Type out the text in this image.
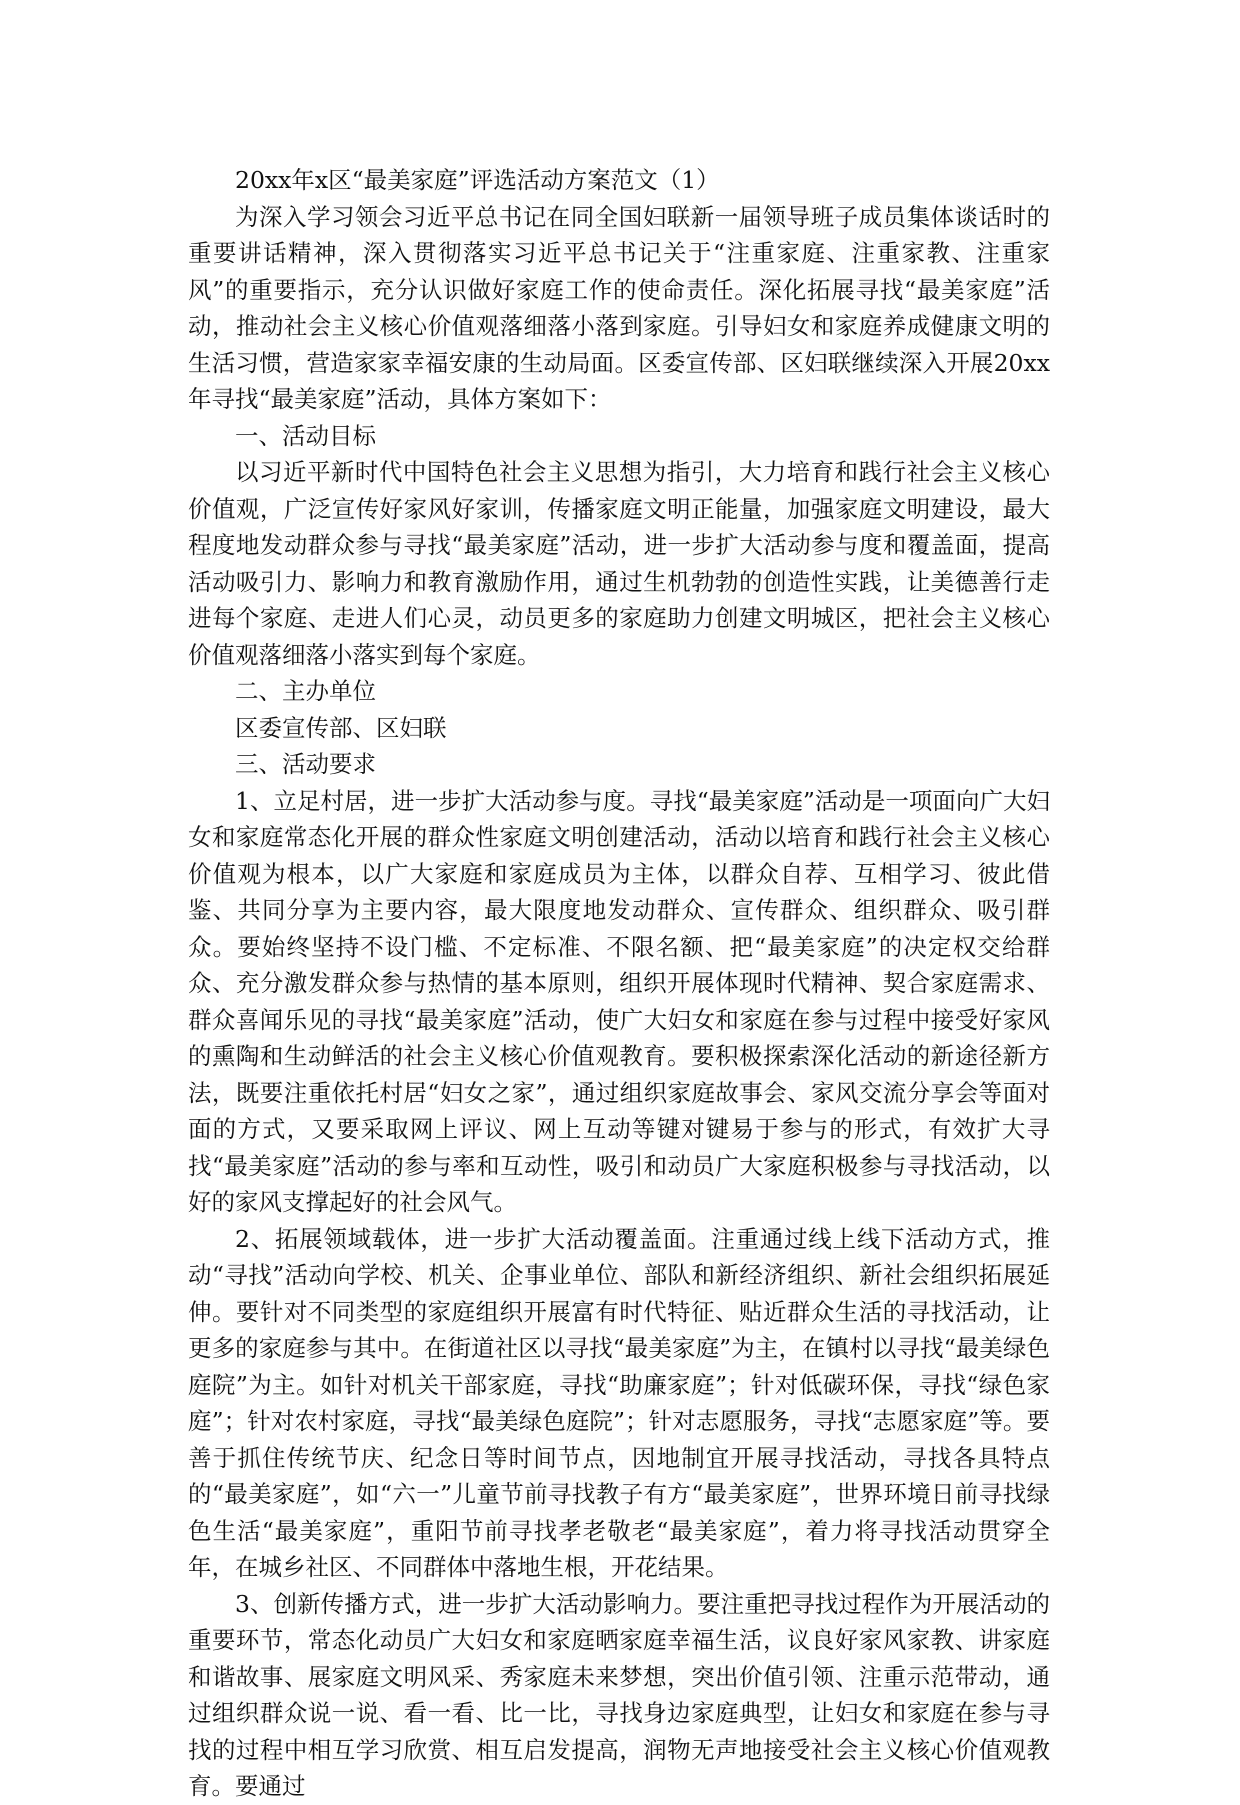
20xx年x区“最美家庭”评选活动方案范文（1）

为深入学习领会习近平总书记在同全国妇联新一届领导班子成员集体谈话时的重要讲话精神，深入贯彻落实习近平总书记关于“注重家庭、注重家教、注重家风”的重要指示，充分认识做好家庭工作的使命责任。深化拓展寻找“最美家庭”活动，推动社会主义核心价值观落细落小落到家庭。引导妇女和家庭养成健康文明的生活习惯，营造家家幸福安康的生动局面。区委宣传部、区妇联继续深入开展20xx年寻找“最美家庭”活动，具体方案如下：

一、活动目标

以习近平新时代中国特色社会主义思想为指引，大力培育和践行社会主义核心价值观，广泛宣传好家风好家训，传播家庭文明正能量，加强家庭文明建设，最大程度地发动群众参与寻找“最美家庭”活动，进一步扩大活动参与度和覆盖面，提高活动吸引力、影响力和教育激励作用，通过生机勃勃的创造性实践，让美德善行走进每个家庭、走进人们心灵，动员更多的家庭助力创建文明城区，把社会主义核心价值观落细落小落实到每个家庭。

二、主办单位

区委宣传部、区妇联

三、活动要求

1、立足村居，进一步扩大活动参与度。寻找“最美家庭”活动是一项面向广大妇女和家庭常态化开展的群众性家庭文明创建活动，活动以培育和践行社会主义核心价值观为根本，以广大家庭和家庭成员为主体，以群众自荐、互相学习、彼此借鉴、共同分享为主要内容，最大限度地发动群众、宣传群众、组织群众、吸引群众。要始终坚持不设门槛、不定标准、不限名额、把“最美家庭”的决定权交给群众、充分激发群众参与热情的基本原则，组织开展体现时代精神、契合家庭需求、群众喜闻乐见的寻找“最美家庭”活动，使广大妇女和家庭在参与过程中接受好家风的熏陶和生动鲜活的社会主义核心价值观教育。要积极探索深化活动的新途径新方法，既要注重依托村居“妇女之家”，通过组织家庭故事会、家风交流分享会等面对面的方式，又要采取网上评议、网上互动等键对键易于参与的形式，有效扩大寻找“最美家庭”活动的参与率和互动性，吸引和动员广大家庭积极参与寻找活动，以好的家风支撑起好的社会风气。

2、拓展领域载体，进一步扩大活动覆盖面。注重通过线上线下活动方式，推动“寻找”活动向学校、机关、企事业单位、部队和新经济组织、新社会组织拓展延伸。要针对不同类型的家庭组织开展富有时代特征、贴近群众生活的寻找活动，让更多的家庭参与其中。在街道社区以寻找“最美家庭”为主，在镇村以寻找“最美绿色庭院”为主。如针对机关干部家庭，寻找“助廉家庭”；针对低碳环保，寻找“绿色家庭”；针对农村家庭，寻找“最美绿色庭院”；针对志愿服务，寻找“志愿家庭”等。要善于抓住传统节庆、纪念日等时间节点，因地制宜开展寻找活动，寻找各具特点的“最美家庭”，如“六一”儿童节前寻找教子有方“最美家庭”，世界环境日前寻找绿色生活“最美家庭”，重阳节前寻找孝老敬老“最美家庭”，着力将寻找活动贯穿全年，在城乡社区、不同群体中落地生根，开花结果。

3、创新传播方式，进一步扩大活动影响力。要注重把寻找过程作为开展活动的重要环节，常态化动员广大妇女和家庭晒家庭幸福生活，议良好家风家教、讲家庭和谐故事、展家庭文明风采、秀家庭未来梦想，突出价值引领、注重示范带动，通过组织群众说一说、看一看、比一比，寻找身边家庭典型，让妇女和家庭在参与寻找的过程中相互学习欣赏、相互启发提高，润物无声地接受社会主义核心价值观教育。要通过
